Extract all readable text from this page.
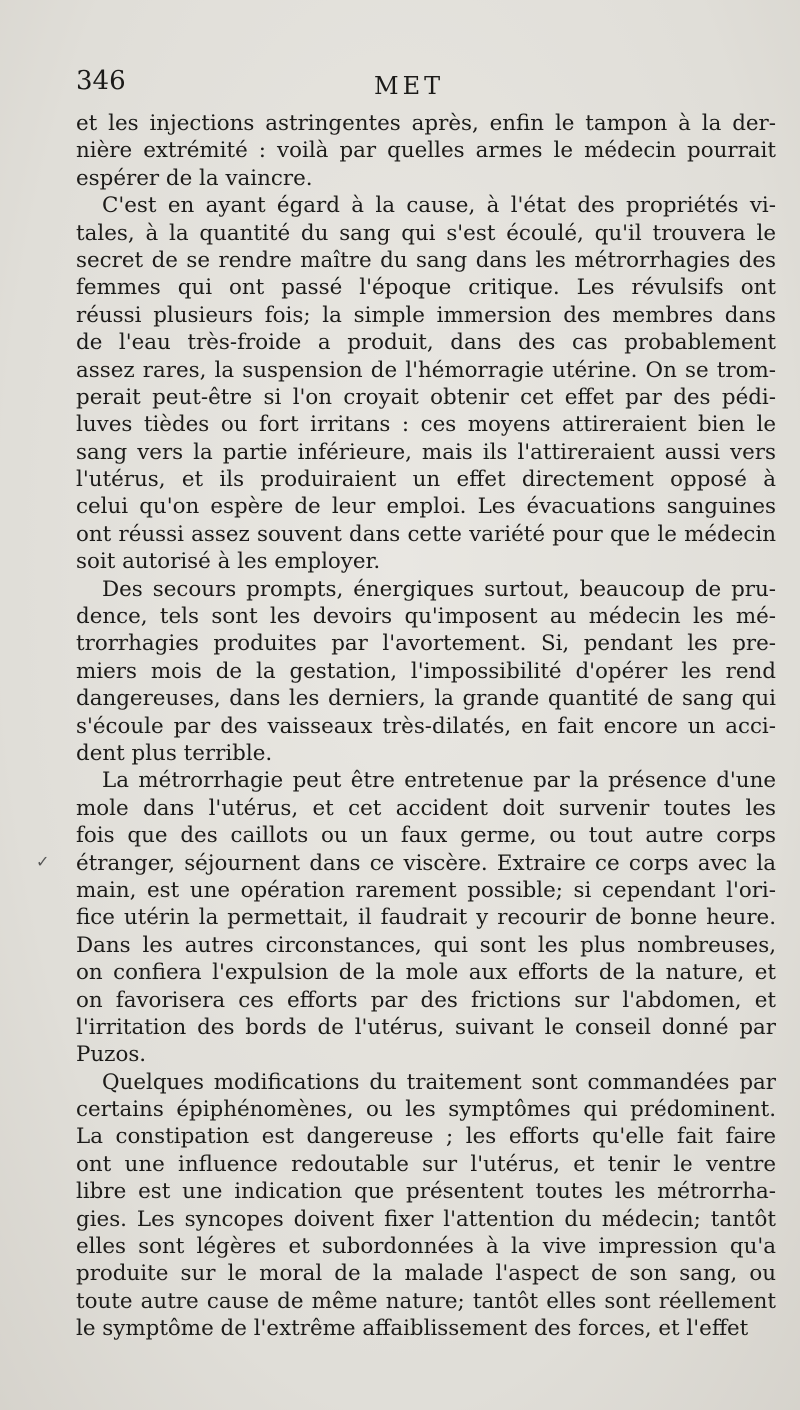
346	MET
✓
et les injections astringentes après, enfin le tampon à la der-
nière extrémité : voilà par quelles armes le médecin pourrait
espérer de la vaincre.
C'est en ayant égard à la cause, à l'état des propriétés vi-
tales, à la quantité du sang qui s'est écoulé, qu'il trouvera le
secret de se rendre maître du sang dans les métrorrhagies des
femmes qui ont passé l'époque critique. Les révulsifs ont
réussi plusieurs fois; la simple immersion des membres dans
de l'eau très-froide a produit, dans des cas probablement
assez rares, la suspension de l'hémorragie utérine. On se trom-
perait peut-être si l'on croyait obtenir cet effet par des pédi-
luves tièdes ou fort irritans : ces moyens attireraient bien le
sang vers la partie inférieure, mais ils l'attireraient aussi vers
l'utérus, et ils produiraient un effet directement opposé à
celui qu'on espère de leur emploi. Les évacuations sanguines
ont réussi assez souvent dans cette variété pour que le médecin
soit autorisé à les employer.
Des secours prompts, énergiques surtout, beaucoup de pru-
dence, tels sont les devoirs qu'imposent au médecin les mé-
trorrhagies produites par l'avortement. Si, pendant les pre-
miers mois de la gestation, l'impossibilité d'opérer les rend
dangereuses, dans les derniers, la grande quantité de sang qui
s'écoule par des vaisseaux très-dilatés, en fait encore un acci-
dent plus terrible.
La métrorrhagie peut être entretenue par la présence d'une
mole dans l'utérus, et cet accident doit survenir toutes les
fois que des caillots ou un faux germe, ou tout autre corps
étranger, séjournent dans ce viscère. Extraire ce corps avec la
main, est une opération rarement possible; si cependant l'ori-
fice utérin la permettait, il faudrait y recourir de bonne heure.
Dans les autres circonstances, qui sont les plus nombreuses,
on confiera l'expulsion de la mole aux efforts de la nature, et
on favorisera ces efforts par des frictions sur l'abdomen, et
l'irritation des bords de l'utérus, suivant le conseil donné par
Puzos.
Quelques modifications du traitement sont commandées par
certains épiphénomènes, ou les symptômes qui prédominent.
La constipation est dangereuse ; les efforts qu'elle fait faire
ont une influence redoutable sur l'utérus, et tenir le ventre
libre est une indication que présentent toutes les métrorrha-
gies. Les syncopes doivent fixer l'attention du médecin; tantôt
elles sont légères et subordonnées à la vive impression qu'a
produite sur le moral de la malade l'aspect de son sang, ou
toute autre cause de même nature; tantôt elles sont réellement
le symptôme de l'extrême affaiblissement des forces, et l'effet
